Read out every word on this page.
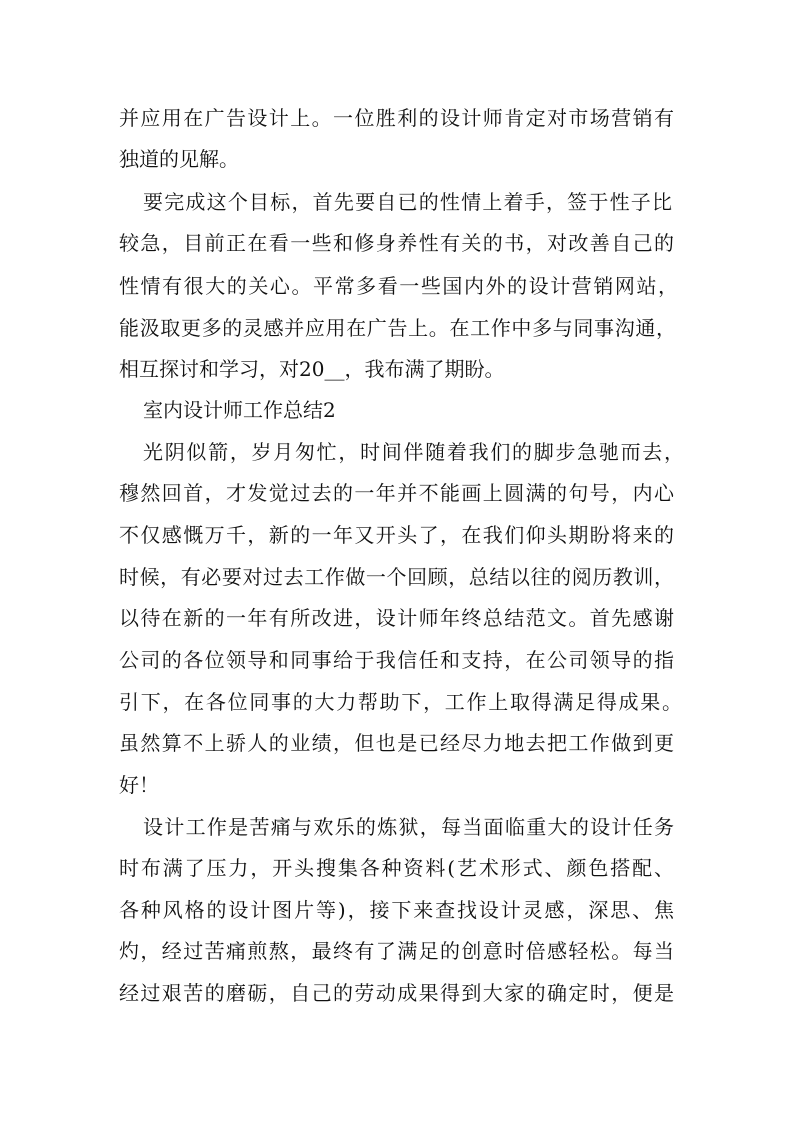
并应用在广告设计上。一位胜利的设计师肯定对市场营销有
独道的见解。
要完成这个目标，首先要自已的性情上着手，签于性子比
较急，目前正在看一些和修身养性有关的书，对改善自己的
性情有很大的关心。平常多看一些国内外的设计营销网站，
能汲取更多的灵感并应用在广告上。在工作中多与同事沟通，
相互探讨和学习，对20__，我布满了期盼。
室内设计师工作总结2
光阴似箭，岁月匆忙，时间伴随着我们的脚步急驰而去，
穆然回首，才发觉过去的一年并不能画上圆满的句号，内心
不仅感慨万千，新的一年又开头了，在我们仰头期盼将来的
时候，有必要对过去工作做一个回顾，总结以往的阅历教训，
以待在新的一年有所改进，设计师年终总结范文。首先感谢
公司的各位领导和同事给于我信任和支持，在公司领导的指
引下，在各位同事的大力帮助下，工作上取得满足得成果。
虽然算不上骄人的业绩，但也是已经尽力地去把工作做到更
好！
设计工作是苦痛与欢乐的炼狱，每当面临重大的设计任务
时布满了压力，开头搜集各种资料(艺术形式、颜色搭配、
各种风格的设计图片等)，接下来查找设计灵感，深思、焦
灼，经过苦痛煎熬，最终有了满足的创意时倍感轻松。每当
经过艰苦的磨砺，自己的劳动成果得到大家的确定时，便是
